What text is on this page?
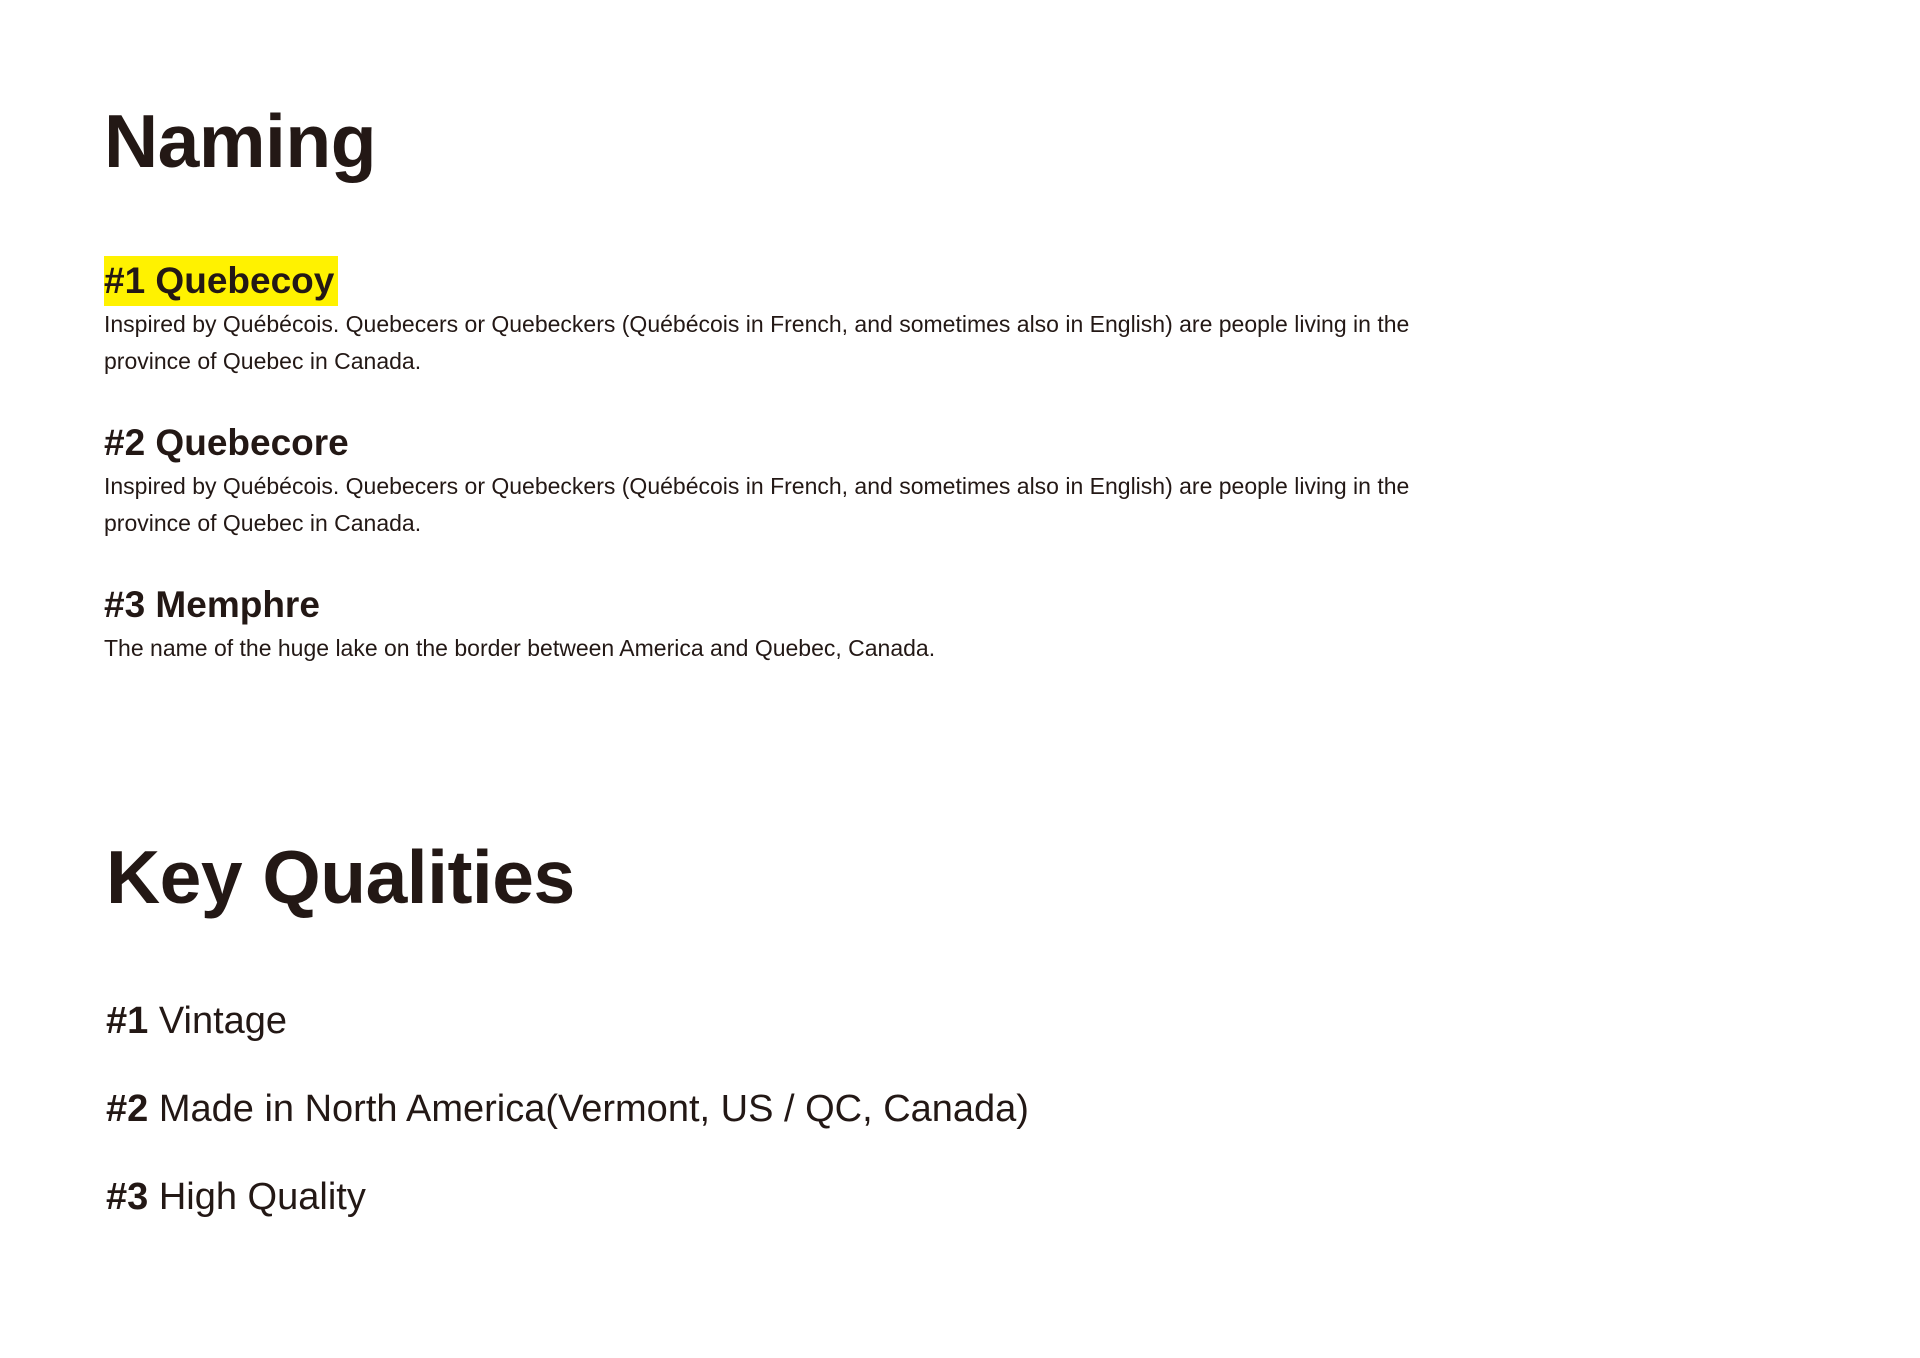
Naming
#1 Quebecoy

Inspired by Québécois. Quebecers or Quebeckers (Québécois in French, and sometimes also in English) are people living in the province of Quebec in Canada.

#2 Quebecore

Inspired by Québécois. Quebecers or Quebeckers (Québécois in French, and sometimes also in English) are people living in the province of Quebec in Canada.

#3 Memphre

The name of the huge lake on the border between America and Quebec, Canada.

Key Qualities
#1 Vintage
#2 Made in North America(Vermont, US / QC, Canada)
#3 High Quality
